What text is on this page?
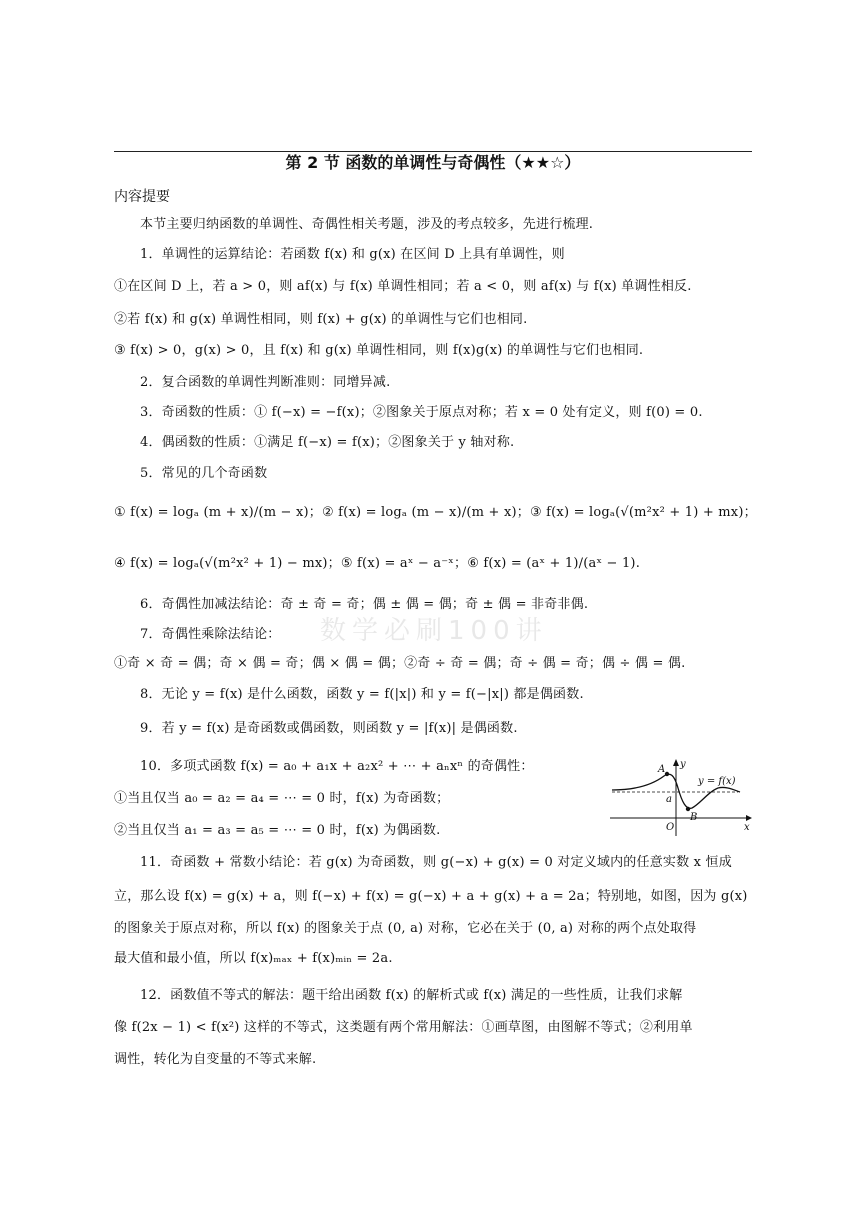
第 2 节 函数的单调性与奇偶性（★★☆）
内容提要
数学必刷100讲
本节主要归纳函数的单调性、奇偶性相关考题，涉及的考点较多，先进行梳理.
1．单调性的运算结论：若函数 f(x) 和 g(x) 在区间 D 上具有单调性，则
①在区间 D 上，若 a > 0，则 af(x) 与 f(x) 单调性相同；若 a < 0，则 af(x) 与 f(x) 单调性相反.
②若 f(x) 和 g(x) 单调性相同，则 f(x) + g(x) 的单调性与它们也相同.
③ f(x) > 0，g(x) > 0，且 f(x) 和 g(x) 单调性相同，则 f(x)g(x) 的单调性与它们也相同.
2．复合函数的单调性判断准则：同增异减.
3．奇函数的性质：① f(−x) = −f(x)；②图象关于原点对称；若 x = 0 处有定义，则 f(0) = 0.
4．偶函数的性质：①满足 f(−x) = f(x)；②图象关于 y 轴对称.
5．常见的几个奇函数
① f(x) = logₐ (m + x)/(m − x)；② f(x) = logₐ (m − x)/(m + x)；③ f(x) = logₐ(√(m²x² + 1) + mx)；
④ f(x) = logₐ(√(m²x² + 1) − mx)；⑤ f(x) = aˣ − a⁻ˣ；⑥ f(x) = (aˣ + 1)/(aˣ − 1).
6．奇偶性加减法结论：奇 ± 奇 = 奇；偶 ± 偶 = 偶；奇 ± 偶 = 非奇非偶.
7．奇偶性乘除法结论：
①奇 × 奇 = 偶；奇 × 偶 = 奇；偶 × 偶 = 偶；②奇 ÷ 奇 = 偶；奇 ÷ 偶 = 奇；偶 ÷ 偶 = 偶.
8．无论 y = f(x) 是什么函数，函数 y = f(|x|) 和 y = f(−|x|) 都是偶函数.
9．若 y = f(x) 是奇函数或偶函数，则函数 y = |f(x)| 是偶函数.
10．多项式函数 f(x) = a₀ + a₁x + a₂x² + ⋯ + aₙxⁿ 的奇偶性：
①当且仅当 a₀ = a₂ = a₄ = ⋯ = 0 时，f(x) 为奇函数；
②当且仅当 a₁ = a₃ = a₅ = ⋯ = 0 时，f(x) 为偶函数.
11．奇函数 + 常数小结论：若 g(x) 为奇函数，则 g(−x) + g(x) = 0 对定义域内的任意实数 x 恒成
立，那么设 f(x) = g(x) + a，则 f(−x) + f(x) = g(−x) + a + g(x) + a = 2a；特别地，如图，因为 g(x)
的图象关于原点对称，所以 f(x) 的图象关于点 (0, a) 对称，它必在关于 (0, a) 对称的两个点处取得
最大值和最小值，所以 f(x)ₘₐₓ + f(x)ₘᵢₙ = 2a.
12．函数值不等式的解法：题干给出函数 f(x) 的解析式或 f(x) 满足的一些性质，让我们求解
像 f(2x − 1) < f(x²) 这样的不等式，这类题有两个常用解法：①画草图，由图解不等式；②利用单
调性，转化为自变量的不等式来解.
y
x
y = f(x)
A
B
a
O
